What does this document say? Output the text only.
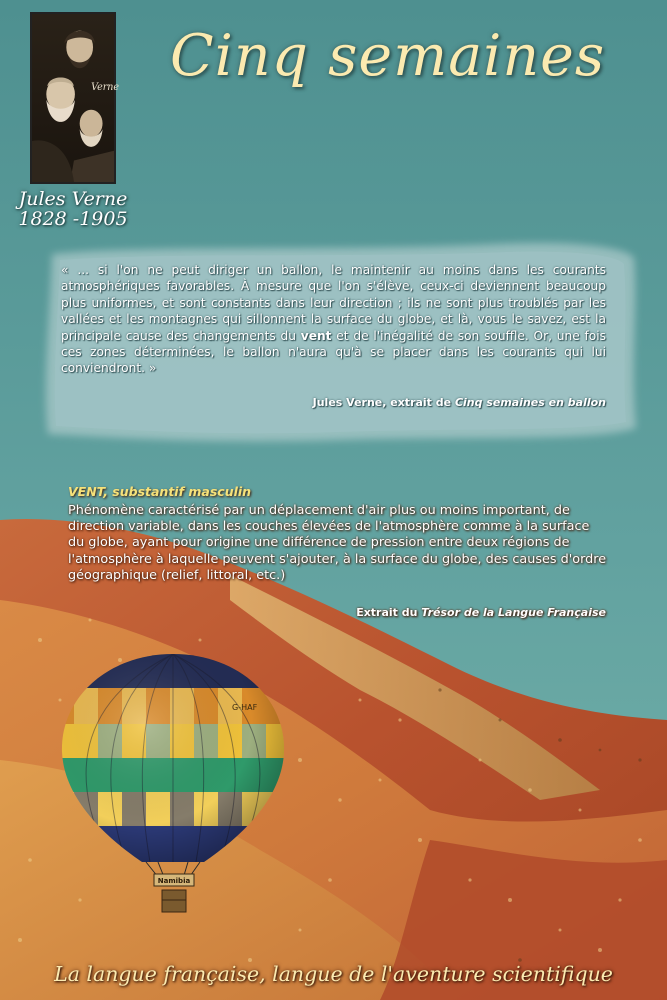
Verne
Jules Verne
1828 -1905
Cinq semaines
« ... si l'on ne peut diriger un ballon, le maintenir au moins dans les courants atmosphériques favorables. À mesure que l'on s'élève, ceux-ci deviennent beaucoup plus uniformes, et sont constants dans leur direction ; ils ne sont plus troublés par les vallées et les montagnes qui sillonnent la surface du globe, et là, vous le savez, est la principale cause des changements du vent et de l'inégalité de son souffle. Or, une fois ces zones déterminées, le ballon n'aura qu'à se placer dans les courants qui lui conviendront. »
Jules Verne, extrait de Cinq semaines en ballon
VENT, substantif masculin
Phénomène caractérisé par un déplacement d'air plus ou moins important, de direction variable, dans les couches élevées de l'atmosphère comme à la surface du globe, ayant pour origine une différence de pression entre deux régions de l'atmosphère à laquelle peuvent s'ajouter, à la surface du globe, des causes d'ordre géographique (relief, littoral, etc.)
Extrait du Trésor de la Langue Française
G-HAF
Namibia
La langue française, langue de l'aventure scientifique
